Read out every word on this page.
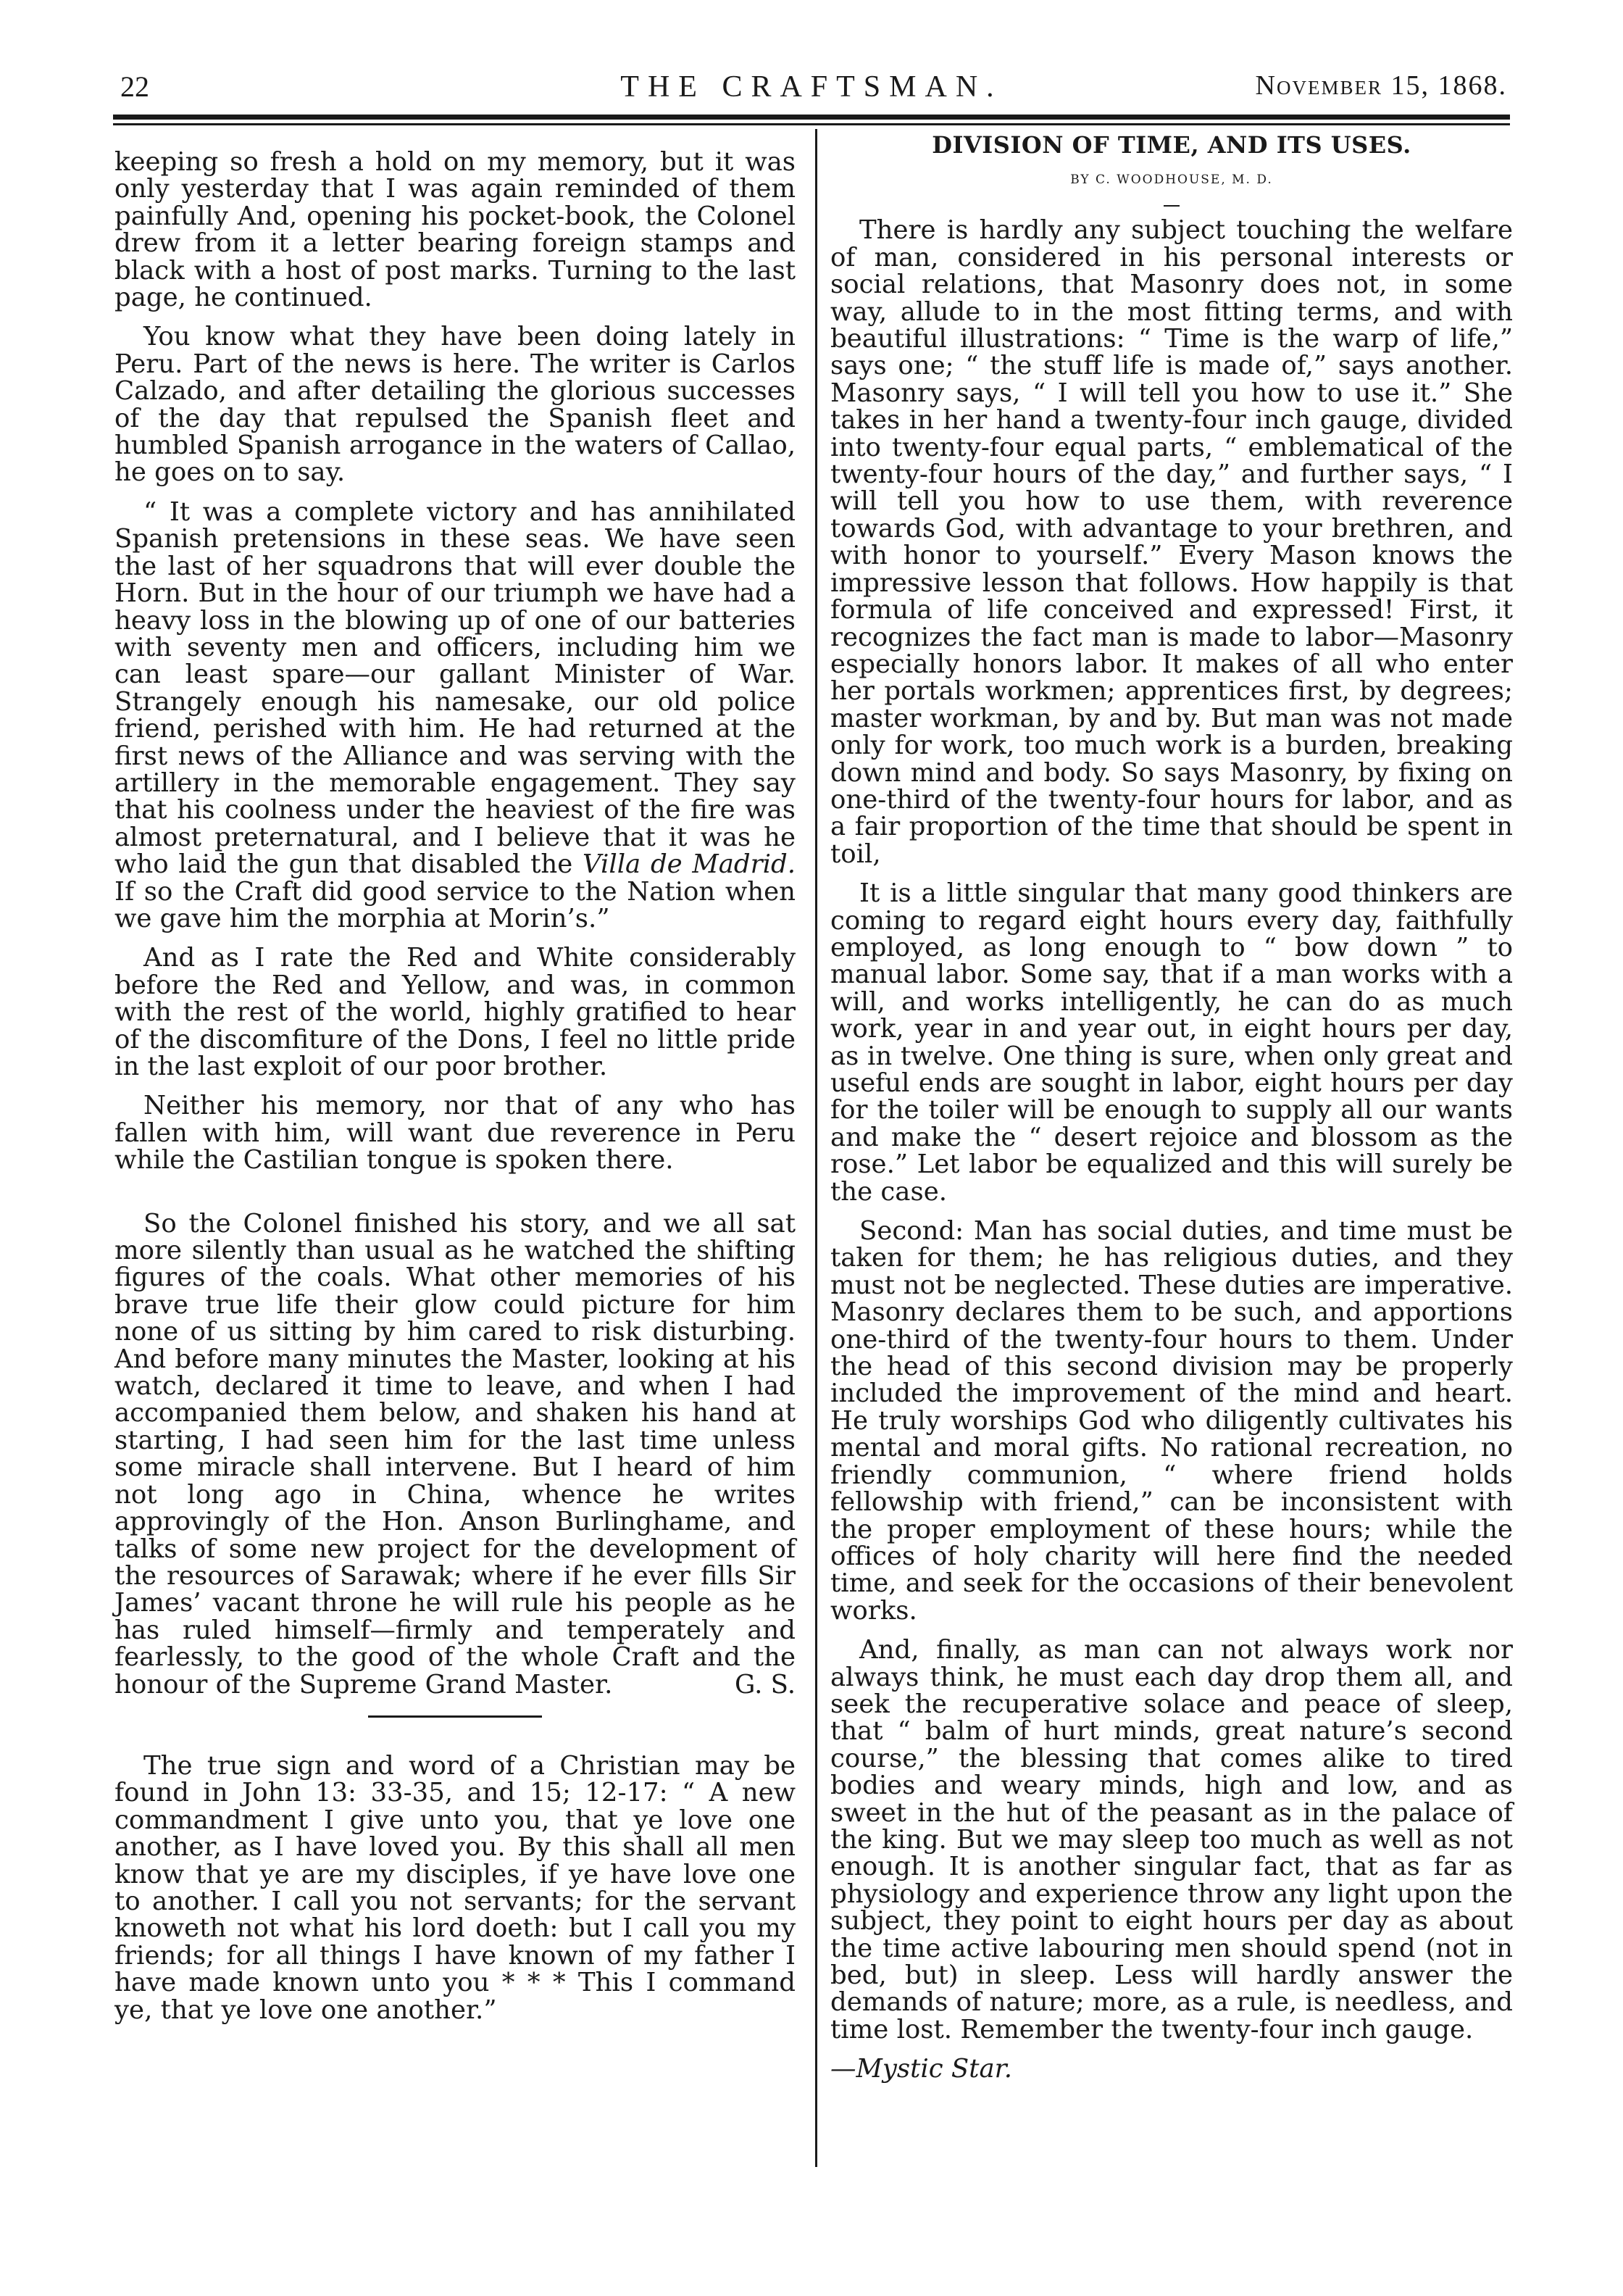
22	THE CRAFTSMAN.	November 15, 1868.

keeping so fresh a hold on my memory, but it was only yesterday that I was again reminded of them painfully And, opening his pocket-book, the Colonel drew from it a letter bearing foreign stamps and black with a host of post marks. Turning to the last page, he continued.

You know what they have been doing lately in Peru. Part of the news is here. The writer is Carlos Calzado, and after detailing the glorious successes of the day that repulsed the Spanish fleet and humbled Spanish arrogance in the waters of Callao, he goes on to say.

“ It was a complete victory and has annihilated Spanish pretensions in these seas. We have seen the last of her squadrons that will ever double the Horn. But in the hour of our triumph we have had a heavy loss in the blowing up of one of our batteries with seventy men and officers, including him we can least spare—our gallant Minister of War. Strangely enough his namesake, our old police friend, perished with him. He had returned at the first news of the Alliance and was serving with the artillery in the memorable engagement. They say that his coolness under the heaviest of the fire was almost preternatural, and I believe that it was he who laid the gun that disabled the Villa de Madrid. If so the Craft did good service to the Nation when we gave him the morphia at Morin’s.”

And as I rate the Red and White considerably before the Red and Yellow, and was, in common with the rest of the world, highly gratified to hear of the discomfiture of the Dons, I feel no little pride in the last exploit of our poor brother.

Neither his memory, nor that of any who has fallen with him, will want due reverence in Peru while the Castilian tongue is spoken there.

So the Colonel finished his story, and we all sat more silently than usual as he watched the shifting figures of the coals. What other memories of his brave true life their glow could picture for him none of us sitting by him cared to risk disturbing. And before many minutes the Master, looking at his watch, declared it time to leave, and when I had accompanied them below, and shaken his hand at starting, I had seen him for the last time unless some miracle shall intervene. But I heard of him not long ago in China, whence he writes approvingly of the Hon. Anson Burlinghame, and talks of some new project for the development of the resources of Sarawak; where if he ever fills Sir James’ vacant throne he will rule his people as he has ruled himself—firmly and temperately and fearlessly, to the good of the whole Craft and the honour of the Supreme Grand Master.	G. S.

The true sign and word of a Christian may be found in John 13: 33-35, and 15; 12-17: “ A new commandment I give unto you, that ye love one another, as I have loved you. By this shall all men know that ye are my disciples, if ye have love one to another. I call you not servants; for the servant knoweth not what his lord doeth: but I call you my friends; for all things I have known of my father I have made known unto you * * * This I command ye, that ye love one another.”

DIVISION OF TIME, AND ITS USES.
BY C. WOODHOUSE, M. D.

There is hardly any subject touching the welfare of man, considered in his personal interests or social relations, that Masonry does not, in some way, allude to in the most fitting terms, and with beautiful illustrations: “ Time is the warp of life,” says one; “ the stuff life is made of,” says another. Masonry says, “ I will tell you how to use it.” She takes in her hand a twenty-four inch gauge, divided into twenty-four equal parts, “ emblematical of the twenty-four hours of the day,” and further says, “ I will tell you how to use them, with reverence towards God, with advantage to your brethren, and with honor to yourself.” Every Mason knows the impressive lesson that follows. How happily is that formula of life conceived and expressed! First, it recognizes the fact man is made to labor—Masonry especially honors labor. It makes of all who enter her portals workmen; apprentices first, by degrees; master workman, by and by. But man was not made only for work, too much work is a burden, breaking down mind and body. So says Masonry, by fixing on one-third of the twenty-four hours for labor, and as a fair proportion of the time that should be spent in toil,

It is a little singular that many good thinkers are coming to regard eight hours every day, faithfully employed, as long enough to “ bow down ” to manual labor. Some say, that if a man works with a will, and works intelligently, he can do as much work, year in and year out, in eight hours per day, as in twelve. One thing is sure, when only great and useful ends are sought in labor, eight hours per day for the toiler will be enough to supply all our wants and make the “ desert rejoice and blossom as the rose.” Let labor be equalized and this will surely be the case.

Second: Man has social duties, and time must be taken for them; he has religious duties, and they must not be neglected. These duties are imperative. Masonry declares them to be such, and apportions one-third of the twenty-four hours to them. Under the head of this second division may be properly included the improvement of the mind and heart. He truly worships God who diligently cultivates his mental and moral gifts. No rational recreation, no friendly communion, “ where friend holds fellowship with friend,” can be inconsistent with the proper employment of these hours; while the offices of holy charity will here find the needed time, and seek for the occasions of their benevolent works.

And, finally, as man can not always work nor always think, he must each day drop them all, and seek the recuperative solace and peace of sleep, that “ balm of hurt minds, great nature’s second course,” the blessing that comes alike to tired bodies and weary minds, high and low, and as sweet in the hut of the peasant as in the palace of the king. But we may sleep too much as well as not enough. It is another singular fact, that as far as physiology and experience throw any light upon the subject, they point to eight hours per day as about the time active labouring men should spend (not in bed, but) in sleep. Less will hardly answer the demands of nature; more, as a rule, is needless, and time lost. Remember the twenty-four inch gauge.

—Mystic Star.
